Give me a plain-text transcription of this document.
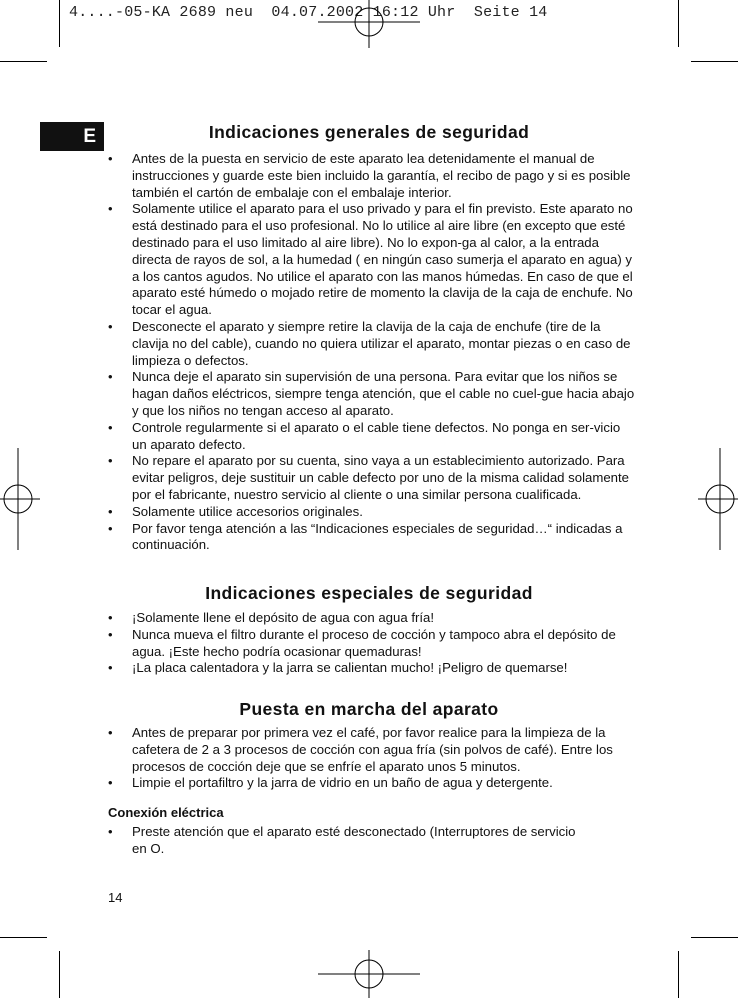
4....-05-KA 2689 neu  04.07.2002 16:12 Uhr  Seite 14
E	Indicaciones generales de seguridad
• Antes de la puesta en servicio de este aparato lea detenidamente el manual de instrucciones y guarde este bien incluido la garantía, el recibo de pago y si es posible también el cartón de embalaje con el embalaje interior.
• Solamente utilice el aparato para el uso privado y para el fin previsto. Este aparato no está destinado para el uso profesional. No lo utilice al aire libre (en excepto que esté destinado para el uso limitado al aire libre). No lo expon-ga al calor, a la entrada directa de rayos de sol, a la humedad ( en ningún caso sumerja el aparato en agua) y a los cantos agudos. No utilice el aparato con las manos húmedas. En caso de que el aparato esté húmedo o mojado retire de momento la clavija de la caja de enchufe. No tocar el agua.
• Desconecte el aparato y siempre retire la clavija de la caja de enchufe (tire de la clavija no del cable), cuando no quiera utilizar el aparato, montar piezas o en caso de limpieza o defectos.
• Nunca deje el aparato sin supervisión de una persona. Para evitar que los niños se hagan daños eléctricos, siempre tenga atención, que el cable no cuel-gue hacia abajo y que los niños no tengan acceso al aparato.
• Controle regularmente si el aparato o el cable tiene defectos. No ponga en ser-vicio un aparato defecto.
• No repare el aparato por su cuenta, sino vaya a un establecimiento autorizado. Para evitar peligros, deje sustituir un cable defecto por uno de la misma calidad solamente por el fabricante, nuestro servicio al cliente o una similar persona cualificada.
• Solamente utilice accesorios originales.
• Por favor tenga atención a las “Indicaciones especiales de seguridad…“ indicadas a continuación.
Indicaciones especiales de seguridad
• ¡Solamente llene el depósito de agua con agua fría!
• Nunca mueva el filtro durante el proceso de cocción y tampoco abra el depósito de agua. ¡Este hecho podría ocasionar quemaduras!
• ¡La placa calentadora y la jarra se calientan mucho! ¡Peligro de quemarse!
Puesta en marcha del aparato
• Antes de preparar por primera vez el café, por favor realice para la limpieza de la cafetera de 2 a 3 procesos de cocción con agua fría (sin polvos de café). Entre los procesos de cocción deje que se enfríe el aparato unos 5 minutos.
• Limpie el portafiltro y la jarra de vidrio en un baño de agua y detergente.
Conexión eléctrica
• Preste atención que el aparato esté desconectado (Interruptores de servicio en O.
14
